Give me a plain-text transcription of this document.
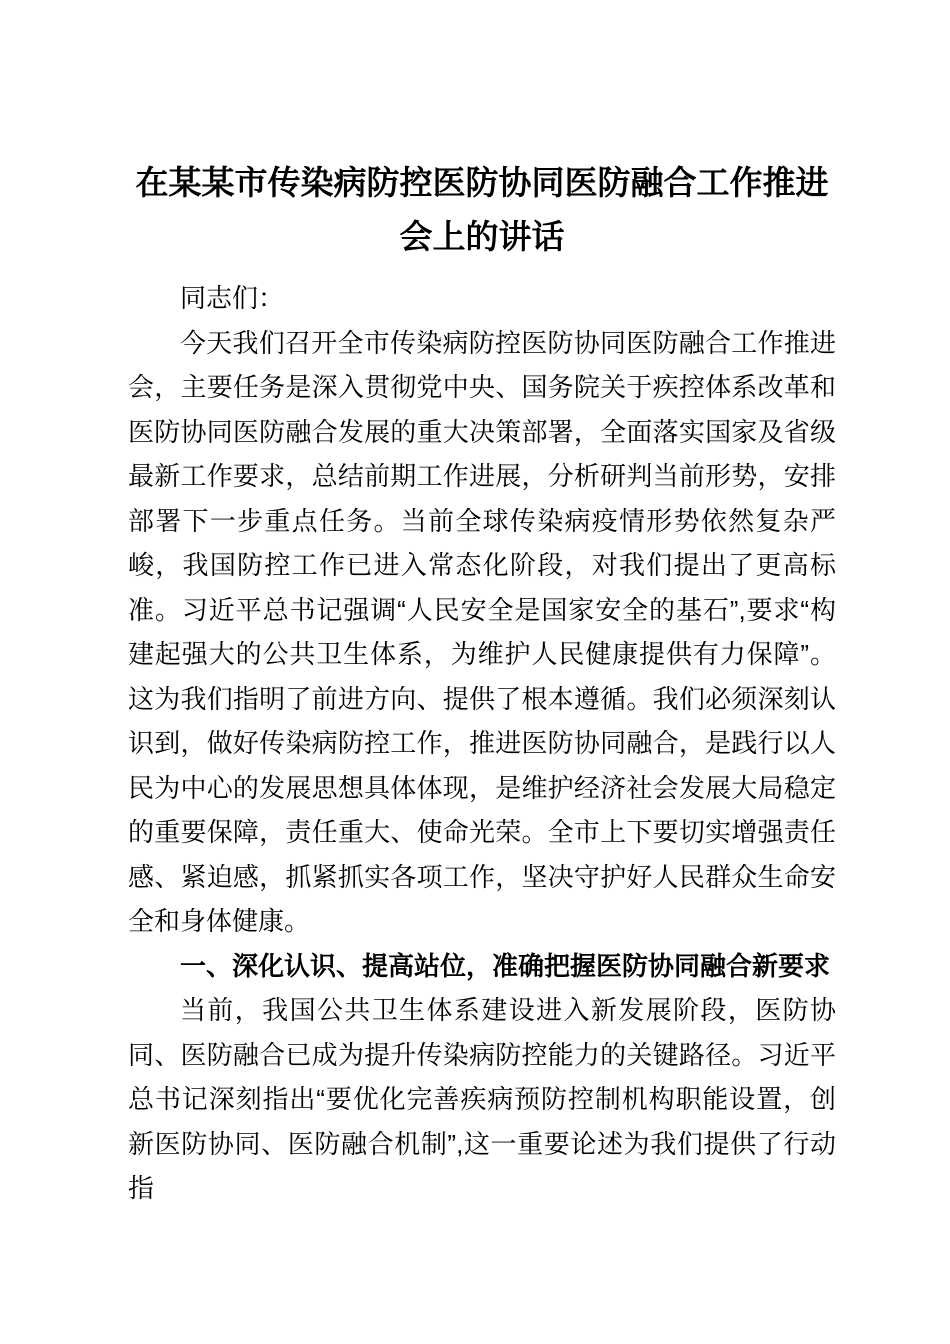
在某某市传染病防控医防协同医防融合工作推进会上的讲话

同志们：

今天我们召开全市传染病防控医防协同医防融合工作推进会，主要任务是深入贯彻党中央、国务院关于疾控体系改革和医防协同医防融合发展的重大决策部署，全面落实国家及省级最新工作要求，总结前期工作进展，分析研判当前形势，安排部署下一步重点任务。当前全球传染病疫情形势依然复杂严峻，我国防控工作已进入常态化阶段，对我们提出了更高标准。习近平总书记强调“人民安全是国家安全的基石”,要求“构建起强大的公共卫生体系，为维护人民健康提供有力保障”。这为我们指明了前进方向、提供了根本遵循。我们必须深刻认识到，做好传染病防控工作，推进医防协同融合，是践行以人民为中心的发展思想具体体现，是维护经济社会发展大局稳定的重要保障，责任重大、使命光荣。全市上下要切实增强责任感、紧迫感，抓紧抓实各项工作，坚决守护好人民群众生命安全和身体健康。

一、深化认识、提高站位，准确把握医防协同融合新要求

当前，我国公共卫生体系建设进入新发展阶段，医防协同、医防融合已成为提升传染病防控能力的关键路径。习近平总书记深刻指出“要优化完善疾病预防控制机构职能设置，创新医防协同、医防融合机制”,这一重要论述为我们提供了行动指
